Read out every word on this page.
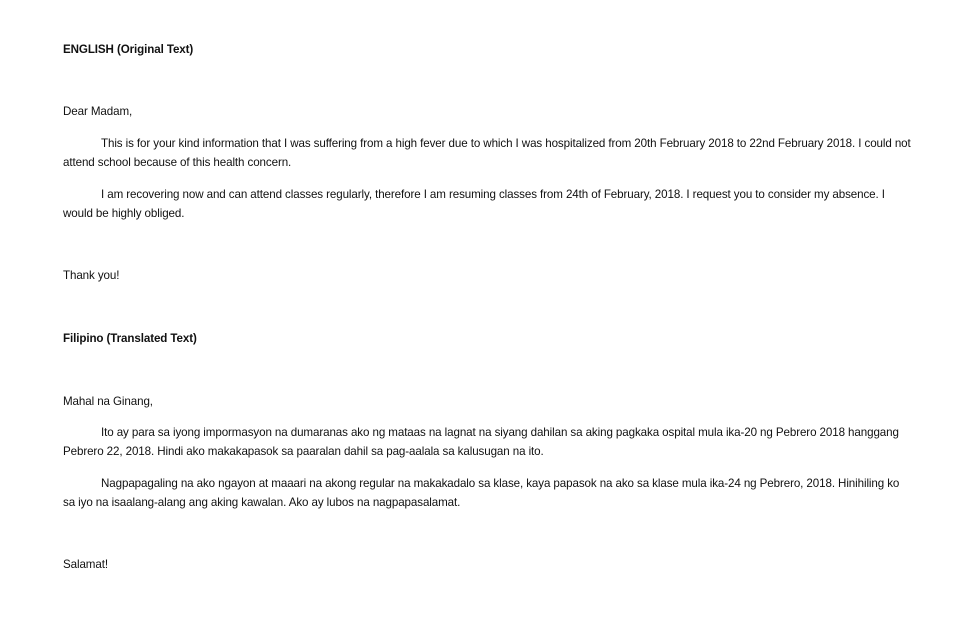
ENGLISH (Original Text)

Dear Madam,

This is for your kind information that I was suffering from a high fever due to which I was hospitalized from 20th February 2018 to 22nd February 2018. I could not attend school because of this health concern.

I am recovering now and can attend classes regularly, therefore I am resuming classes from 24th of February, 2018. I request you to consider my absence. I would be highly obliged.

Thank you!

Filipino (Translated Text)

Mahal na Ginang,

Ito ay para sa iyong impormasyon na dumaranas ako ng mataas na lagnat na siyang dahilan sa aking pagkaka ospital mula ika-20 ng Pebrero 2018 hanggang Pebrero 22, 2018. Hindi ako makakapasok sa paaralan dahil sa pag-aalala sa kalusugan na ito.

Nagpapagaling na ako ngayon at maaari na akong regular na makakadalo sa klase, kaya papasok na ako sa klase mula ika-24 ng Pebrero, 2018. Hinihiling ko sa iyo na isaalang-alang ang aking kawalan. Ako ay lubos na nagpapasalamat.

Salamat!
